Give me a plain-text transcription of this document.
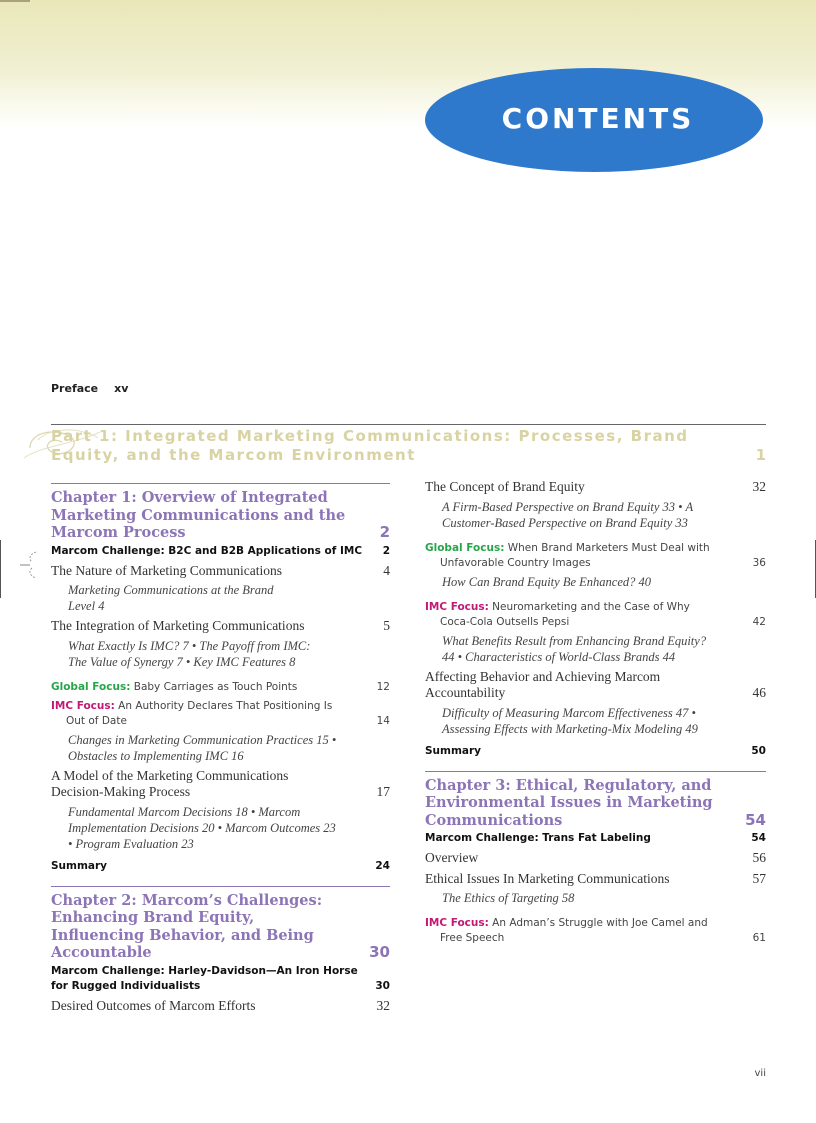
CONTENTS
Preface xv
Part 1: Integrated Marketing Communications: Processes, Brand Equity, and the Marcom Environment	1
Chapter 1: Overview of Integrated Marketing Communications and the Marcom Process	2
Marcom Challenge: B2C and B2B Applications of IMC 2
The Nature of Marketing Communications	4
Marketing Communications at the Brand Level 4
The Integration of Marketing Communications	5
What Exactly Is IMC? 7 • The Payoff from IMC: The Value of Synergy 7 • Key IMC Features 8
Global Focus: Baby Carriages as Touch Points	12
IMC Focus: An Authority Declares That Positioning Is
Out of Date	14
Changes in Marketing Communication Practices 15 • Obstacles to Implementing IMC 16
A Model of the Marketing Communications Decision-Making Process	17
Fundamental Marcom Decisions 18 • Marcom Implementation Decisions 20 • Marcom Outcomes 23 • Program Evaluation 23
Summary	24
Chapter 2: Marcom’s Challenges: Enhancing Brand Equity, Influencing Behavior, and Being Accountable	30
Marcom Challenge: Harley-Davidson—An Iron Horse
for Rugged Individualists	30
Desired Outcomes of Marcom Efforts	32
The Concept of Brand Equity	32
A Firm-Based Perspective on Brand Equity 33 • A Customer-Based Perspective on Brand Equity 33
Global Focus: When Brand Marketers Must Deal with
Unfavorable Country Images	36
How Can Brand Equity Be Enhanced? 40
IMC Focus: Neuromarketing and the Case of Why
Coca-Cola Outsells Pepsi	42
What Benefits Result from Enhancing Brand Equity? 44 • Characteristics of World-Class Brands 44
Affecting Behavior and Achieving Marcom Accountability	46
Difficulty of Measuring Marcom Effectiveness 47 • Assessing Effects with Marketing-Mix Modeling 49
Summary	50
Chapter 3: Ethical, Regulatory, and Environmental Issues in Marketing Communications	54
Marcom Challenge: Trans Fat Labeling	54
Overview	56
Ethical Issues In Marketing Communications	57
The Ethics of Targeting 58
IMC Focus: An Adman’s Struggle with Joe Camel and
Free Speech	61
vii
